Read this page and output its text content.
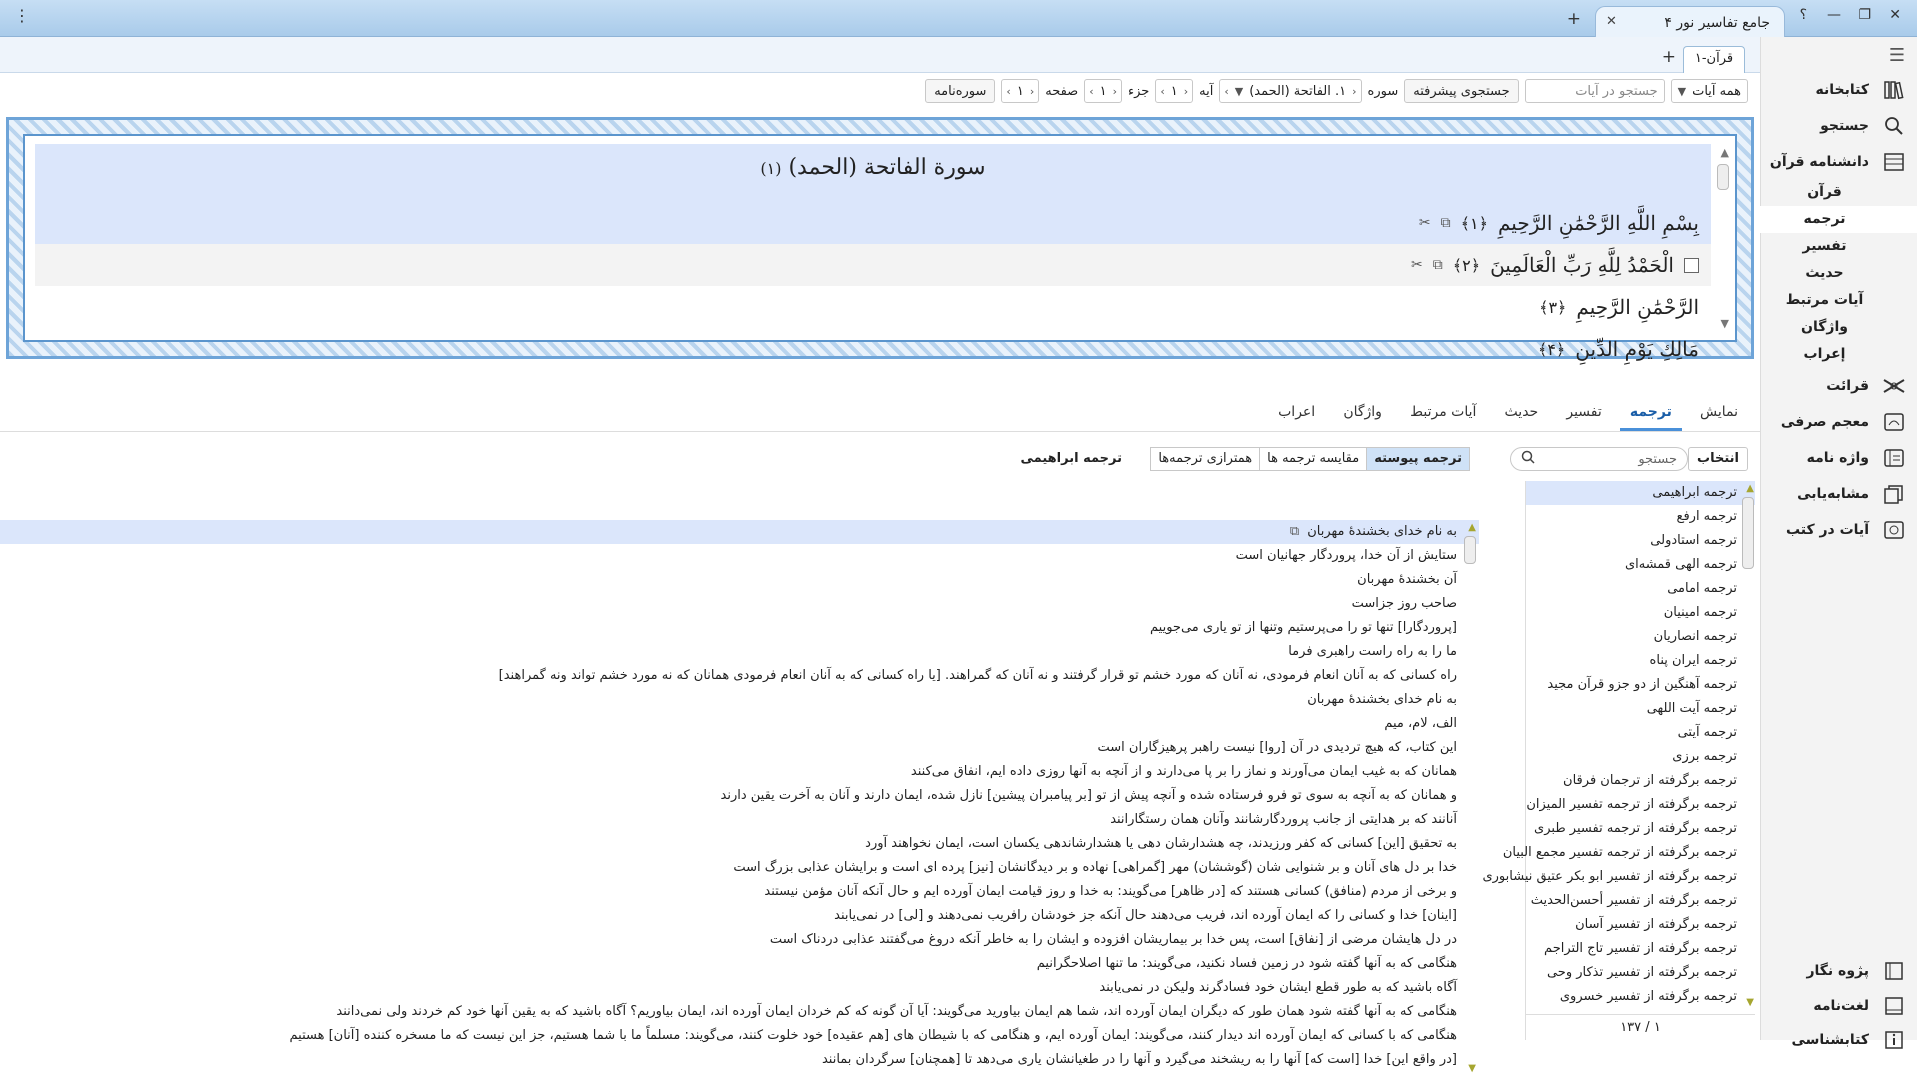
⋮	جامع تفاسیر نور ۴
✕
+	؟ — ❐ ✕
☰
کتابخانه
جستجو
دانشنامه قرآن
قرآن
ترجمه
تفسیر
حدیث
آیات مرتبط
واژگان
إعراب
قرائت
معجم صرفی
واژه نامه
مشابه‌یابی
آیات در کتب
پژوه نگار
لغت‌نامه
کتابشناسی
قرآن-۱
+
همه آیات
▼
جستجو در آیات
جستجوی پیشرفته
سوره
‹
۱. الفاتحة (الحمد)
▼
›
آیه
‹
۱
›
جزء
‹
۱
›
صفحه
‹
۱
›
سوره‌نامه
سورة الفاتحة (الحمد) (۱)
بِسْمِ اللَّهِ الرَّحْمَٰنِ الرَّحِيمِ
﴿۱﴾
⧉
✂
الْحَمْدُ لِلَّهِ رَبِّ الْعَالَمِينَ
﴿۲﴾
⧉
✂
الرَّحْمَٰنِ الرَّحِيمِ
﴿۳﴾
مَالِكِ يَوْمِ الدِّينِ
﴿۴﴾
▲
▼
نمایش ترجمه تفسیر حدیث آیات مرتبط واژگان اعراب
انتخاب
جستجو
ترجمه پیوسته
مقایسه ترجمه ها
همترازی ترجمه‌ها
ترجمه ابراهیمی
ترجمه ابراهیمی
ترجمه ارفع
ترجمه استادولی
ترجمه الهی قمشه‌ای
ترجمه امامی
ترجمه امینیان
ترجمه انصاریان
ترجمه ایران پناه
ترجمه آهنگین از دو جزو قرآن مجید
ترجمه آیت اللهی
ترجمه آیتی
ترجمه برزی
ترجمه برگرفته از ترجمان فرقان
ترجمه برگرفته از ترجمه تفسیر المیزان
ترجمه برگرفته از ترجمه تفسیر طبری
ترجمه برگرفته از ترجمه تفسیر مجمع البیان
ترجمه برگرفته از تفسیر ابو بکر عتیق نیشابوری
ترجمه برگرفته از تفسیر أحسن‌الحدیث
ترجمه برگرفته از تفسیر آسان
ترجمه برگرفته از تفسیر تاج التراجم
ترجمه برگرفته از تفسیر تذکار وحی
ترجمه برگرفته از تفسیر خسروی
▲
▼
۱ / ۱۳۷
به نام خدای بخشندهٔ مهربان⧉
ستایش از آن خدا، پروردگار جهانیان است
آن بخشندهٔ مهربان
صاحب روز جزاست
[پروردگارا] تنها تو را می‌پرستیم وتنها از تو یاری می‌جوییم
ما را به راه راست راهبری فرما
راه کسانی که به آنان انعام فرمودی، نه آنان که مورد خشم تو قرار گرفتند و نه آنان که گمراهند. [یا راه کسانی که به آنان انعام فرمودی همانان که نه مورد خشم تواند ونه گمراهند]
به نام خدای بخشندهٔ مهربان
الف، لام، میم
این کتاب، که هیچ تردیدی در آن [روا] نیست راهبر پرهیزگاران است
همانان که به غیب ایمان می‌آورند و نماز را بر پا می‌دارند و از آنچه به آنها روزی داده ایم، انفاق می‌کنند
و همانان که به آنچه به سوی تو فرو فرستاده شده و آنچه پیش از تو [بر پیامبران پیشین] نازل شده، ایمان دارند و آنان به آخرت یقین دارند
آنانند که بر هدایتی از جانب پروردگارشانند وآنان همان رستگارانند
به تحقیق [این] کسانی که کفر ورزیدند، چه هشدارشان دهی یا هشدارشاندهی یکسان است، ایمان نخواهند آورد
خدا بر دل های آنان و بر شنوایی شان (گوششان) مهر [گمراهی] نهاده و بر دیدگانشان [نیز] پرده ای است و برایشان عذابی بزرگ است
و برخی از مردم (منافق) کسانی هستند که [در ظاهر] می‌گویند: به خدا و روز قیامت ایمان آورده ایم و حال آنکه آنان مؤمن نیستند
[اینان] خدا و کسانی را که ایمان آورده اند، فریب می‌دهند حال آنکه جز خودشان رافریب نمی‌دهند و [لی] در نمی‌یابند
در دل هایشان مرضی از [نفاق] است، پس خدا بر بیماریشان افزوده و ایشان را به خاطر آنکه دروغ می‌گفتند عذابی دردناک است
هنگامی که به آنها گفته شود در زمین فساد نکنید، می‌گویند: ما تنها اصلاحگرانیم
آگاه باشید که به طور قطع ایشان خود فسادگرند ولیکن در نمی‌یابند
هنگامی که به آنها گفته شود همان طور که دیگران ایمان آورده اند، شما هم ایمان بیاورید می‌گویند: آیا آن گونه که کم خردان ایمان آورده اند، ایمان بیاوریم؟ آگاه باشید که به یقین آنها خود کم خردند ولی نمی‌دانند
هنگامی که با کسانی که ایمان آورده اند دیدار کنند، می‌گویند: ایمان آورده ایم، و هنگامی که با شیطان های [هم عقیده] خود خلوت کنند، می‌گویند: مسلماً ما با شما هستیم، جز این نیست که ما مسخره کننده [آنان] هستیم
[در واقع این] خدا [است که] آنها را به ریشخند می‌گیرد و آنها را در طغیانشان یاری می‌دهد تا [همچنان] سرگردان بمانند
▲
▼
